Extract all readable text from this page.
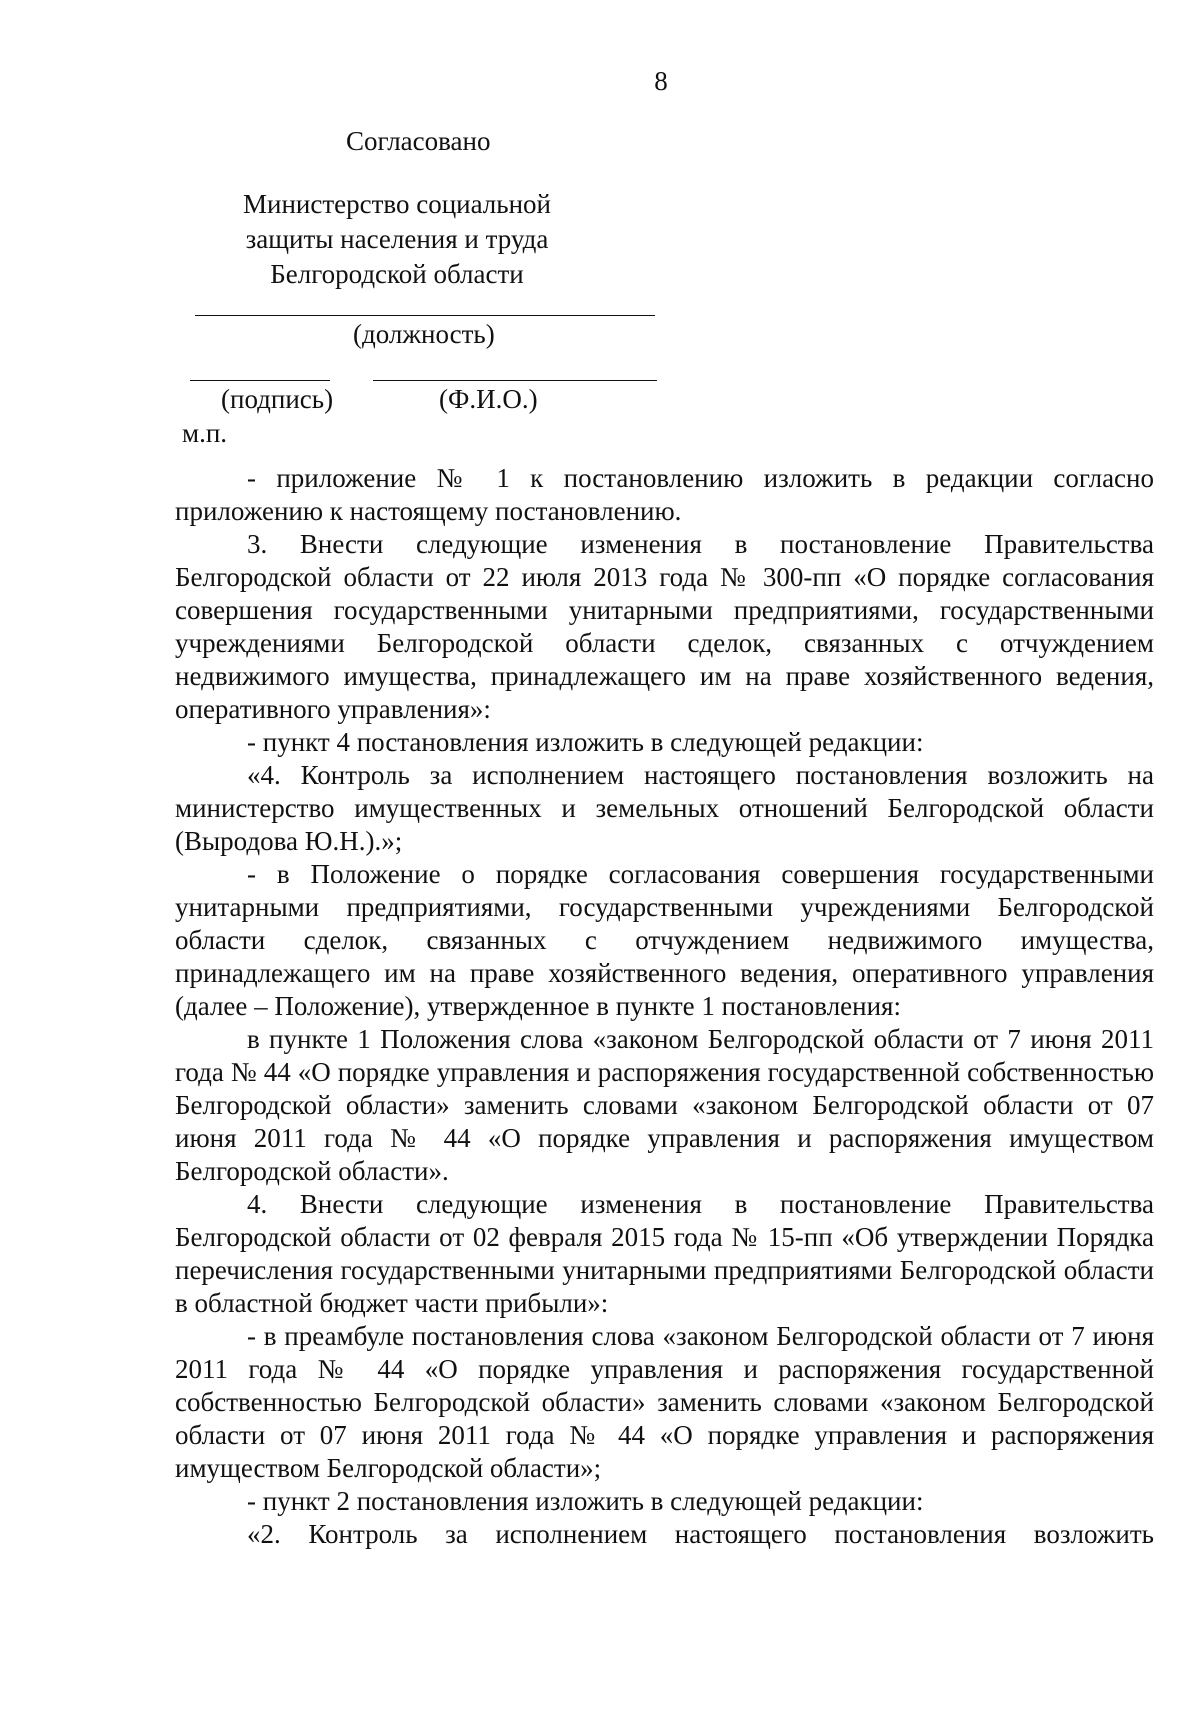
8
Согласовано
Министерство социальной защиты населения и труда Белгородской области
(должность)
(подпись)	(Ф.И.О.)
м.п.

- приложение № 1 к постановлению изложить в редакции согласно приложению к настоящему постановлению.

3. Внести следующие изменения в постановление Правительства Белгородской области от 22 июля 2013 года № 300-пп «О порядке согласования совершения государственными унитарными предприятиями, государственными учреждениями Белгородской области сделок, связанных с отчуждением недвижимого имущества, принадлежащего им на праве хозяйственного ведения, оперативного управления»:

- пункт 4 постановления изложить в следующей редакции:

«4. Контроль за исполнением настоящего постановления возложить на министерство имущественных и земельных отношений Белгородской области (Выродова Ю.Н.).»;

- в Положение о порядке согласования совершения государственными унитарными предприятиями, государственными учреждениями Белгородской области сделок, связанных с отчуждением недвижимого имущества, принадлежащего им на праве хозяйственного ведения, оперативного управления (далее – Положение), утвержденное в пункте 1 постановления:

в пункте 1 Положения слова «законом Белгородской области от 7 июня 2011 года № 44 «О порядке управления и распоряжения государственной собственностью Белгородской области» заменить словами «законом Белгородской области от 07 июня 2011 года № 44 «О порядке управления и распоряжения имуществом Белгородской области».

4. Внести следующие изменения в постановление Правительства Белгородской области от 02 февраля 2015 года № 15-пп «Об утверждении Порядка перечисления государственными унитарными предприятиями Белгородской области в областной бюджет части прибыли»:

- в преамбуле постановления слова «законом Белгородской области от 7 июня 2011 года № 44 «О порядке управления и распоряжения государственной собственностью Белгородской области» заменить словами «законом Белгородской области от 07 июня 2011 года № 44 «О порядке управления и распоряжения имуществом Белгородской области»;

- пункт 2 постановления изложить в следующей редакции:

«2. Контроль за исполнением настоящего постановления возложить
